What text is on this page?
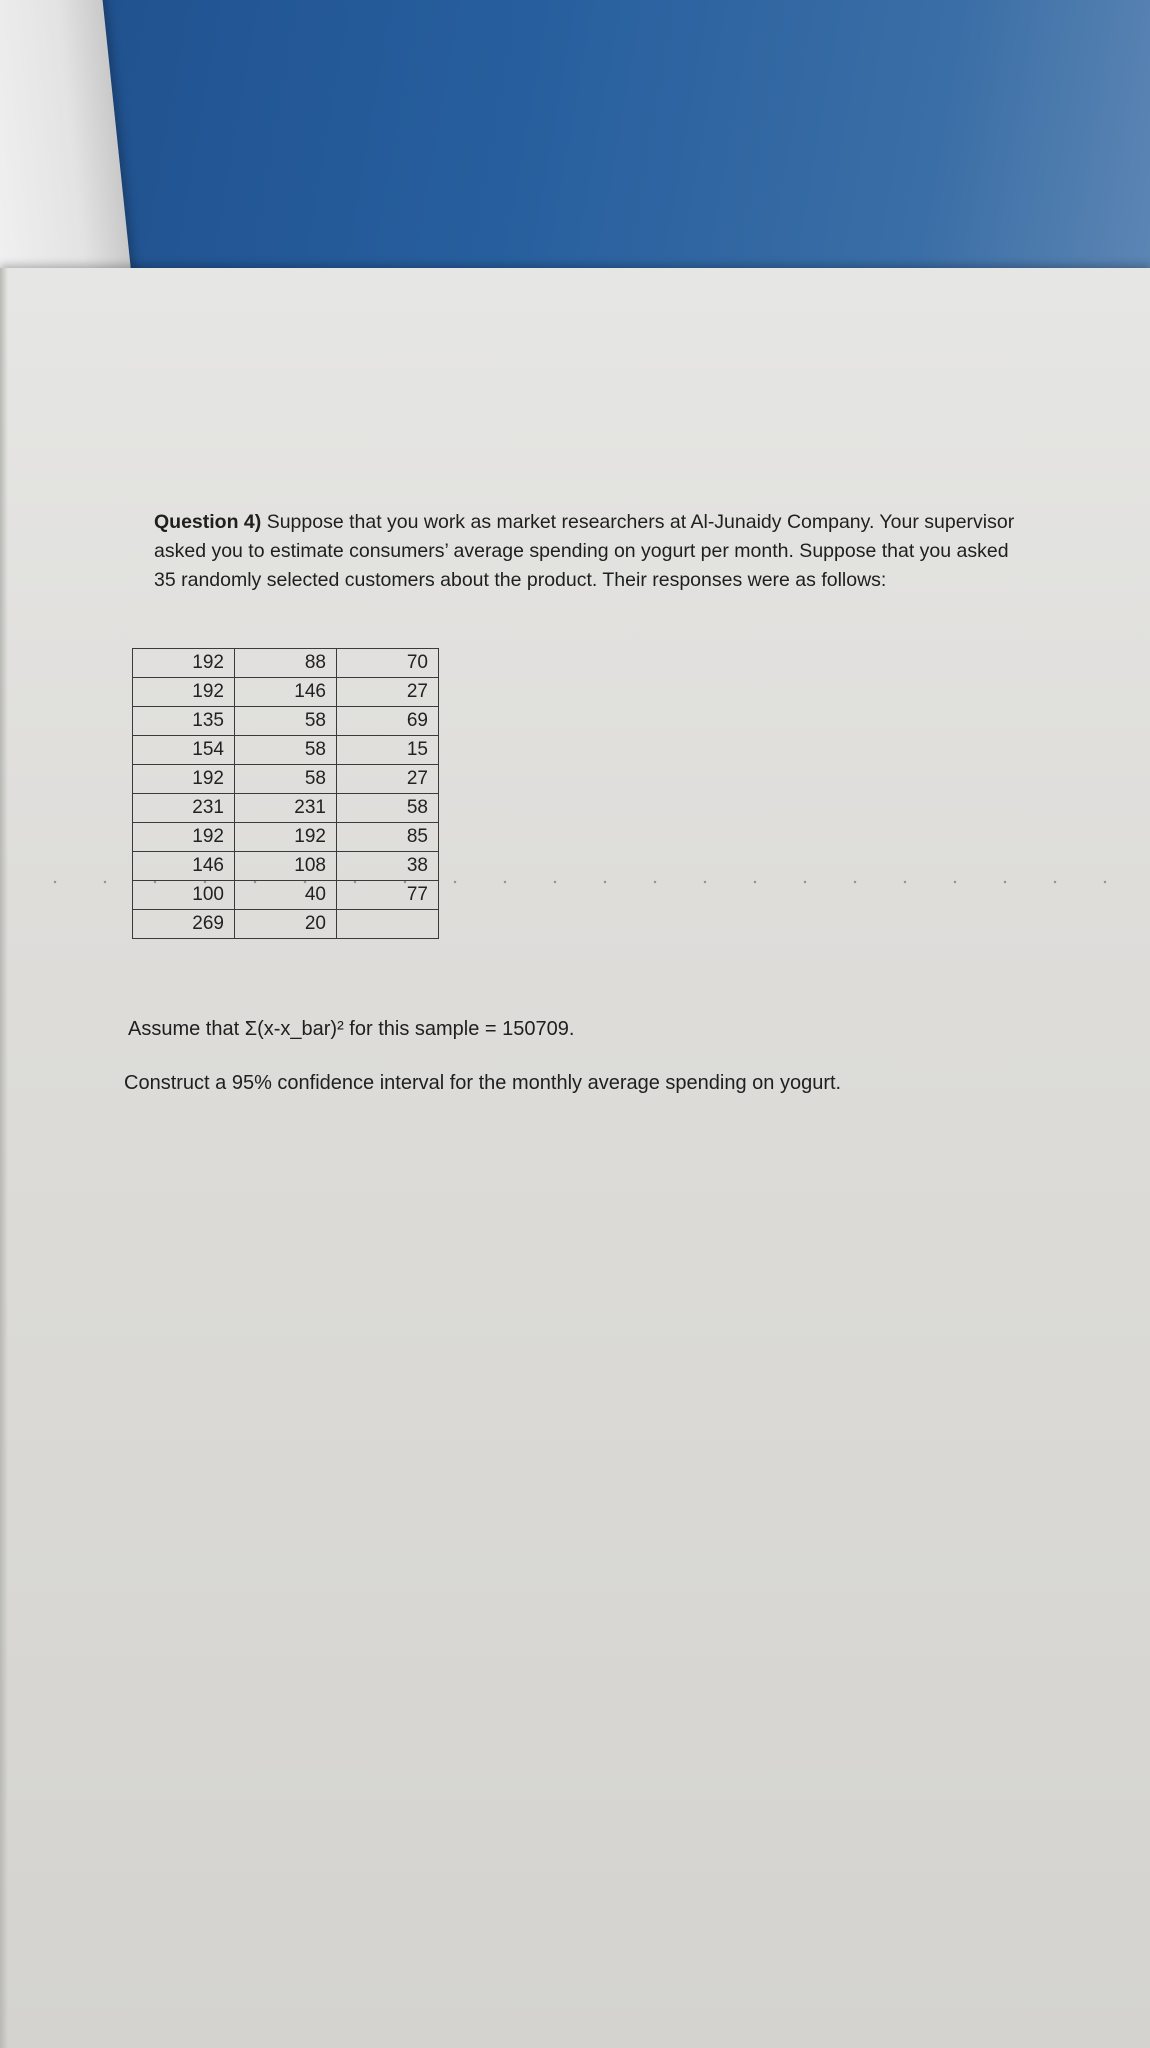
Question 4) Suppose that you work as market researchers at Al-Junaidy Company. Your supervisor asked you to estimate consumers’ average spending on yogurt per month. Suppose that you asked 35 randomly selected customers about the product. Their responses were as follows:
192	88	70
192	146	27
135	58	69
154	58	15
192	58	27
231	231	58
192	192	85
146	108	38
100	40	77
269	20	
Assume that Σ(x-x_bar)² for this sample = 150709.
Construct a 95% confidence interval for the monthly average spending on yogurt.
